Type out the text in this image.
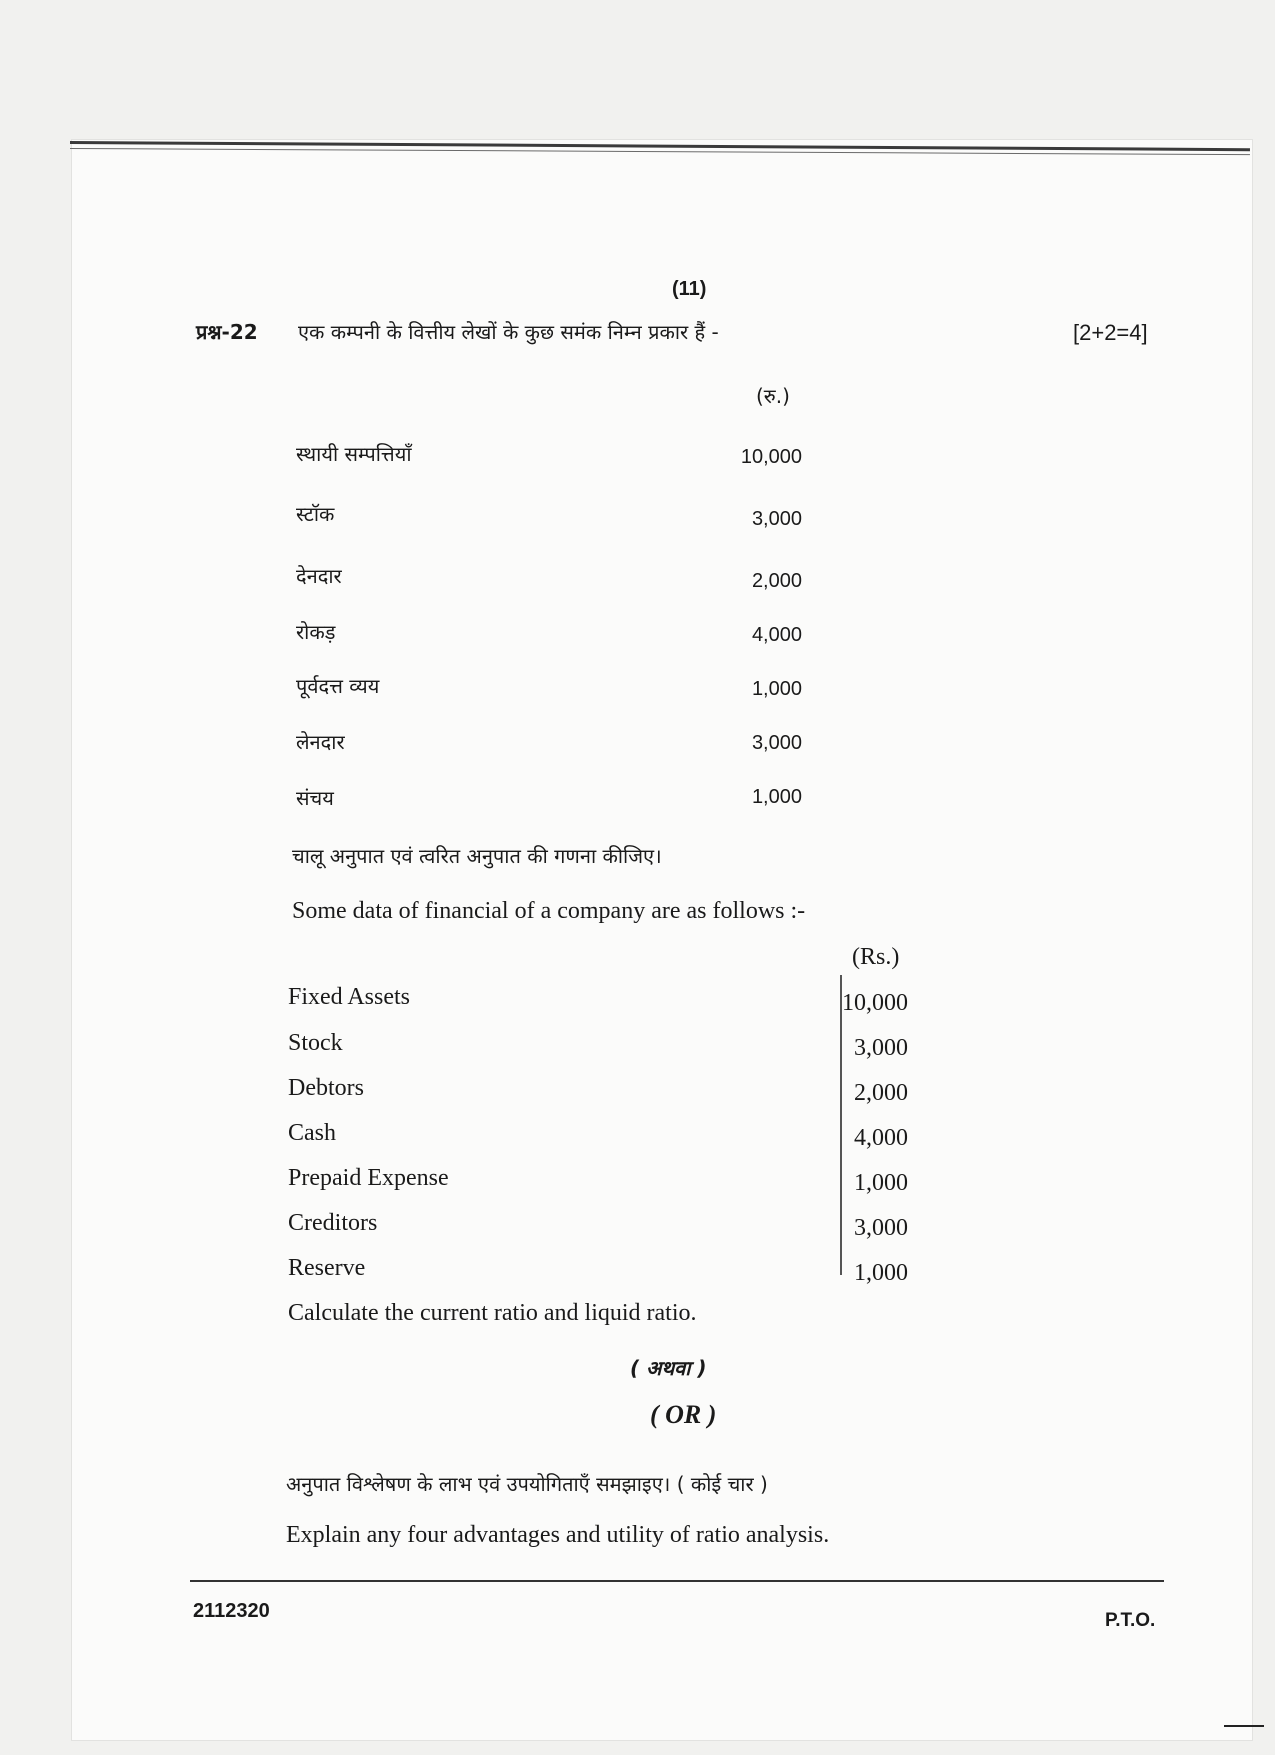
(11)
प्रश्न-22 एक कम्पनी के वित्तीय लेखों के कुछ समंक निम्न प्रकार हैं -	[2+2=4]
(रु.)
स्थायी सम्पत्तियाँ	10,000
स्टॉक	3,000
देनदार	2,000
रोकड़	4,000
पूर्वदत्त व्यय	1,000
लेनदार	3,000
संचय	1,000
चालू अनुपात एवं त्वरित अनुपात की गणना कीजिए।
Some data of financial of a company are as follows :-
(Rs.)
Fixed Assets	10,000
Stock	3,000
Debtors	2,000
Cash	4,000
Prepaid Expense	1,000
Creditors	3,000
Reserve	1,000
Calculate the current ratio and liquid ratio.
( अथवा )
( OR )
अनुपात विश्लेषण के लाभ एवं उपयोगिताएँ समझाइए। ( कोई चार )
Explain any four advantages and utility of ratio analysis.
2112320	P.T.O.
